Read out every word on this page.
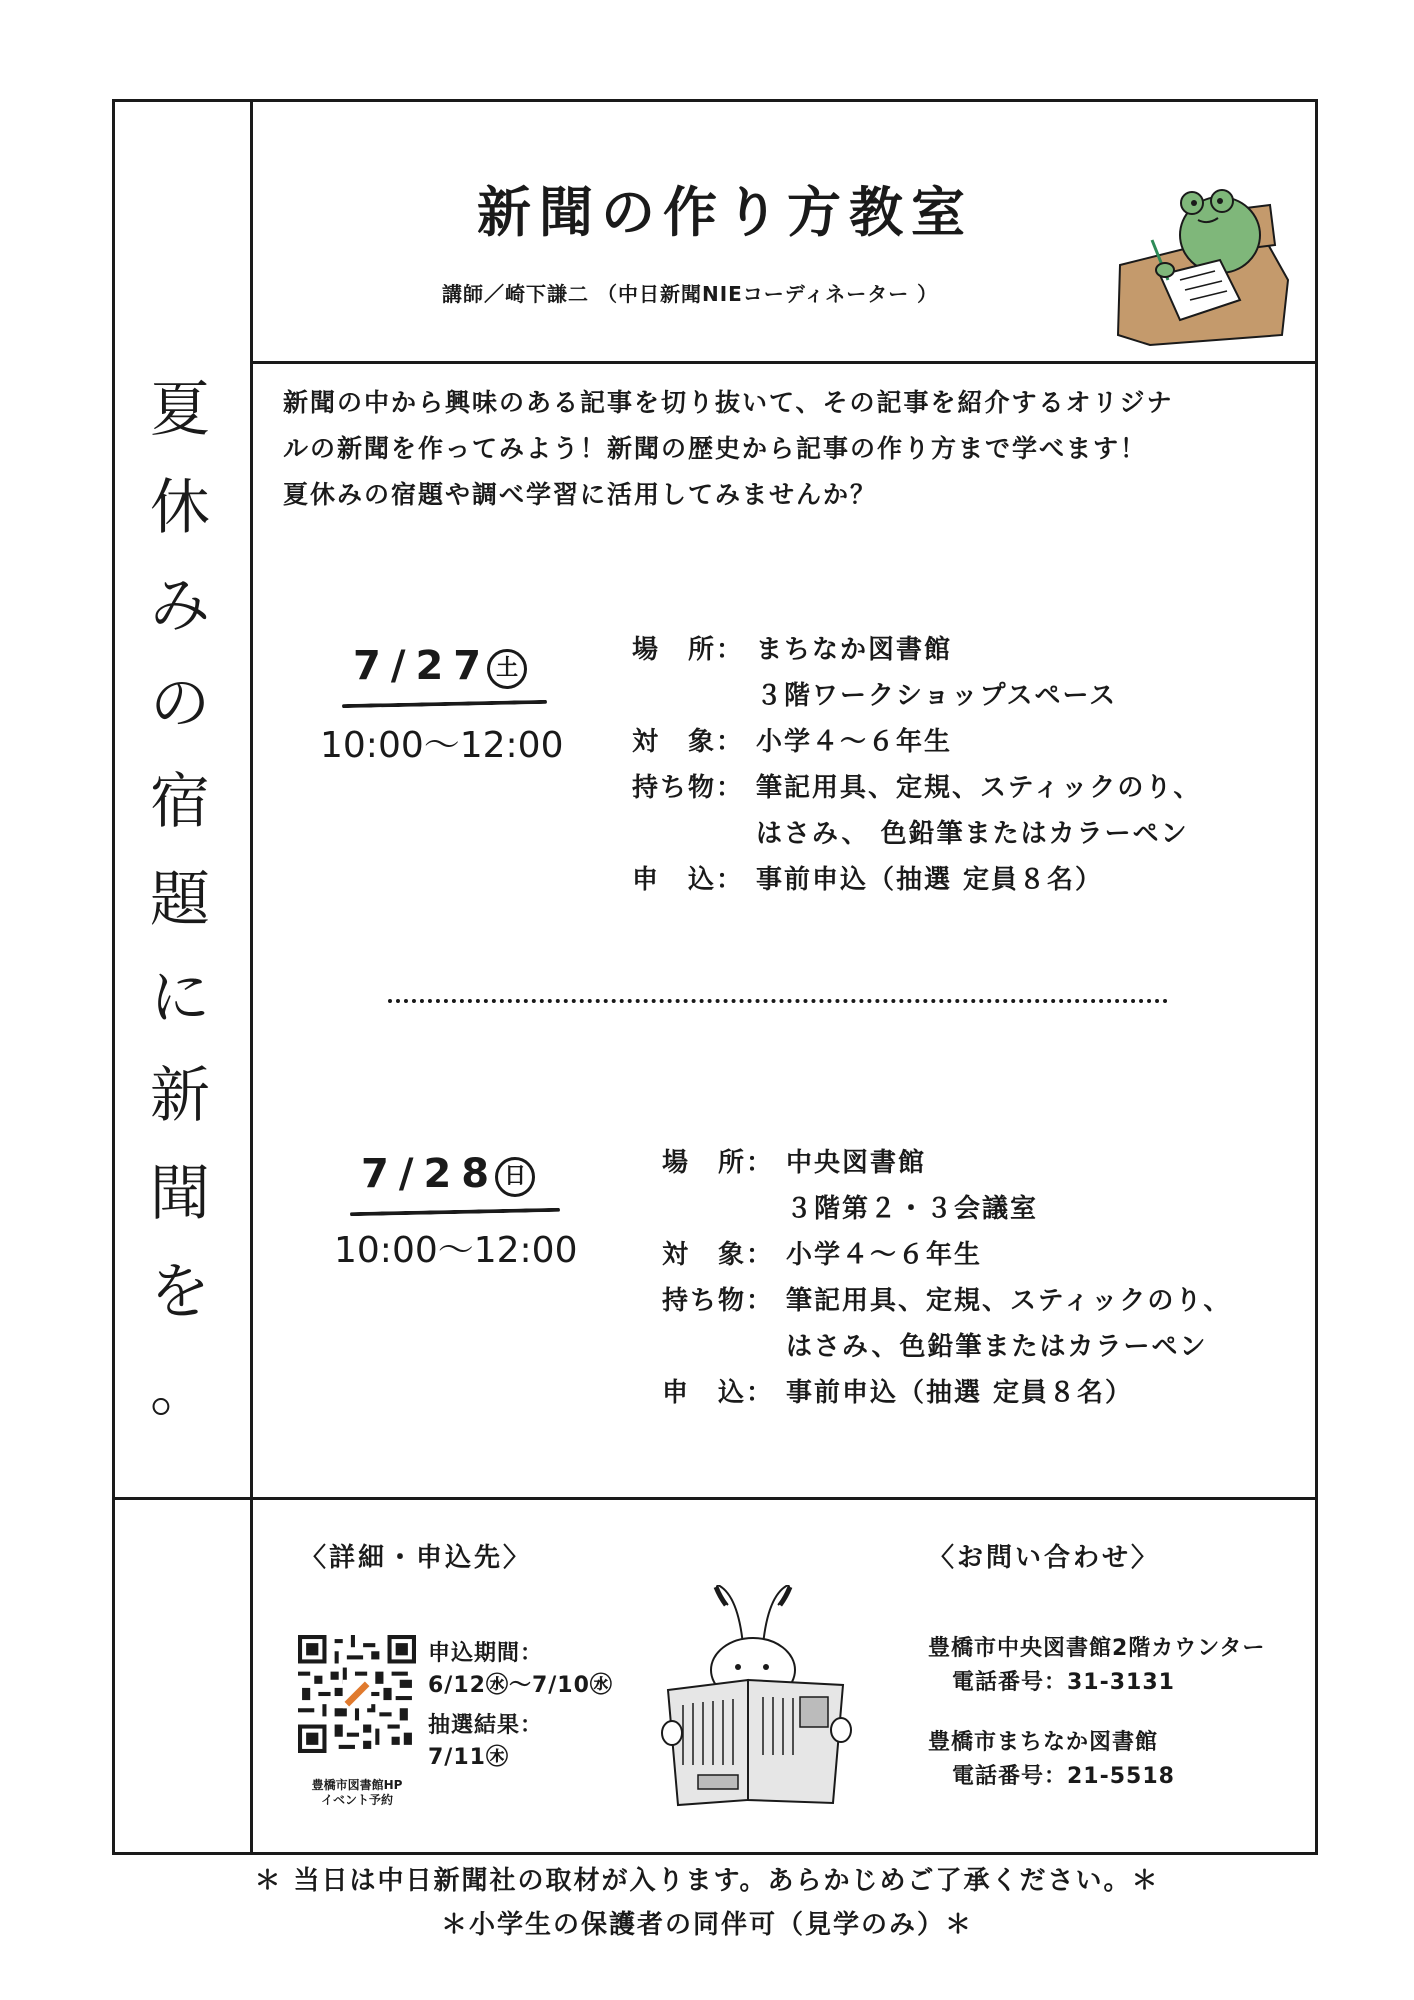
夏
休
み
の
宿
題
に
新
聞
を
。
新聞の作り方教室
講師／崎下謙二 （中日新聞NIEコーディネーター ）
新聞の中から興味のある記事を切り抜いて、その記事を紹介するオリジナ
ルの新聞を作ってみよう！新聞の歴史から記事の作り方まで学べます！
夏休みの宿題や調べ学習に活用してみませんか？
7/27 土
10:00〜12:00
場　所： まちなか図書館
３階ワークショップスペース
対　象： 小学４〜６年生
持ち物： 筆記用具、定規、スティックのり、
はさみ、 色鉛筆またはカラーペン
申　込： 事前申込（抽選 定員８名）
7/28 日
10:00〜12:00
場　所： 中央図書館
３階第２・３会議室
対　象： 小学４〜６年生
持ち物： 筆記用具、定規、スティックのり、
はさみ、色鉛筆またはカラーペン
申　込： 事前申込（抽選 定員８名）
〈詳細・申込先〉
豊橋市図書館HP
イベント予約
申込期間：
6/12㊌〜7/10㊌
抽選結果：
7/11㊍
〈お問い合わせ〉
豊橋市中央図書館2階カウンター
電話番号：31-3131
豊橋市まちなか図書館
電話番号：21-5518
＊ 当日は中日新聞社の取材が入ります。あらかじめご了承ください。＊
＊小学生の保護者の同伴可（見学のみ）＊
